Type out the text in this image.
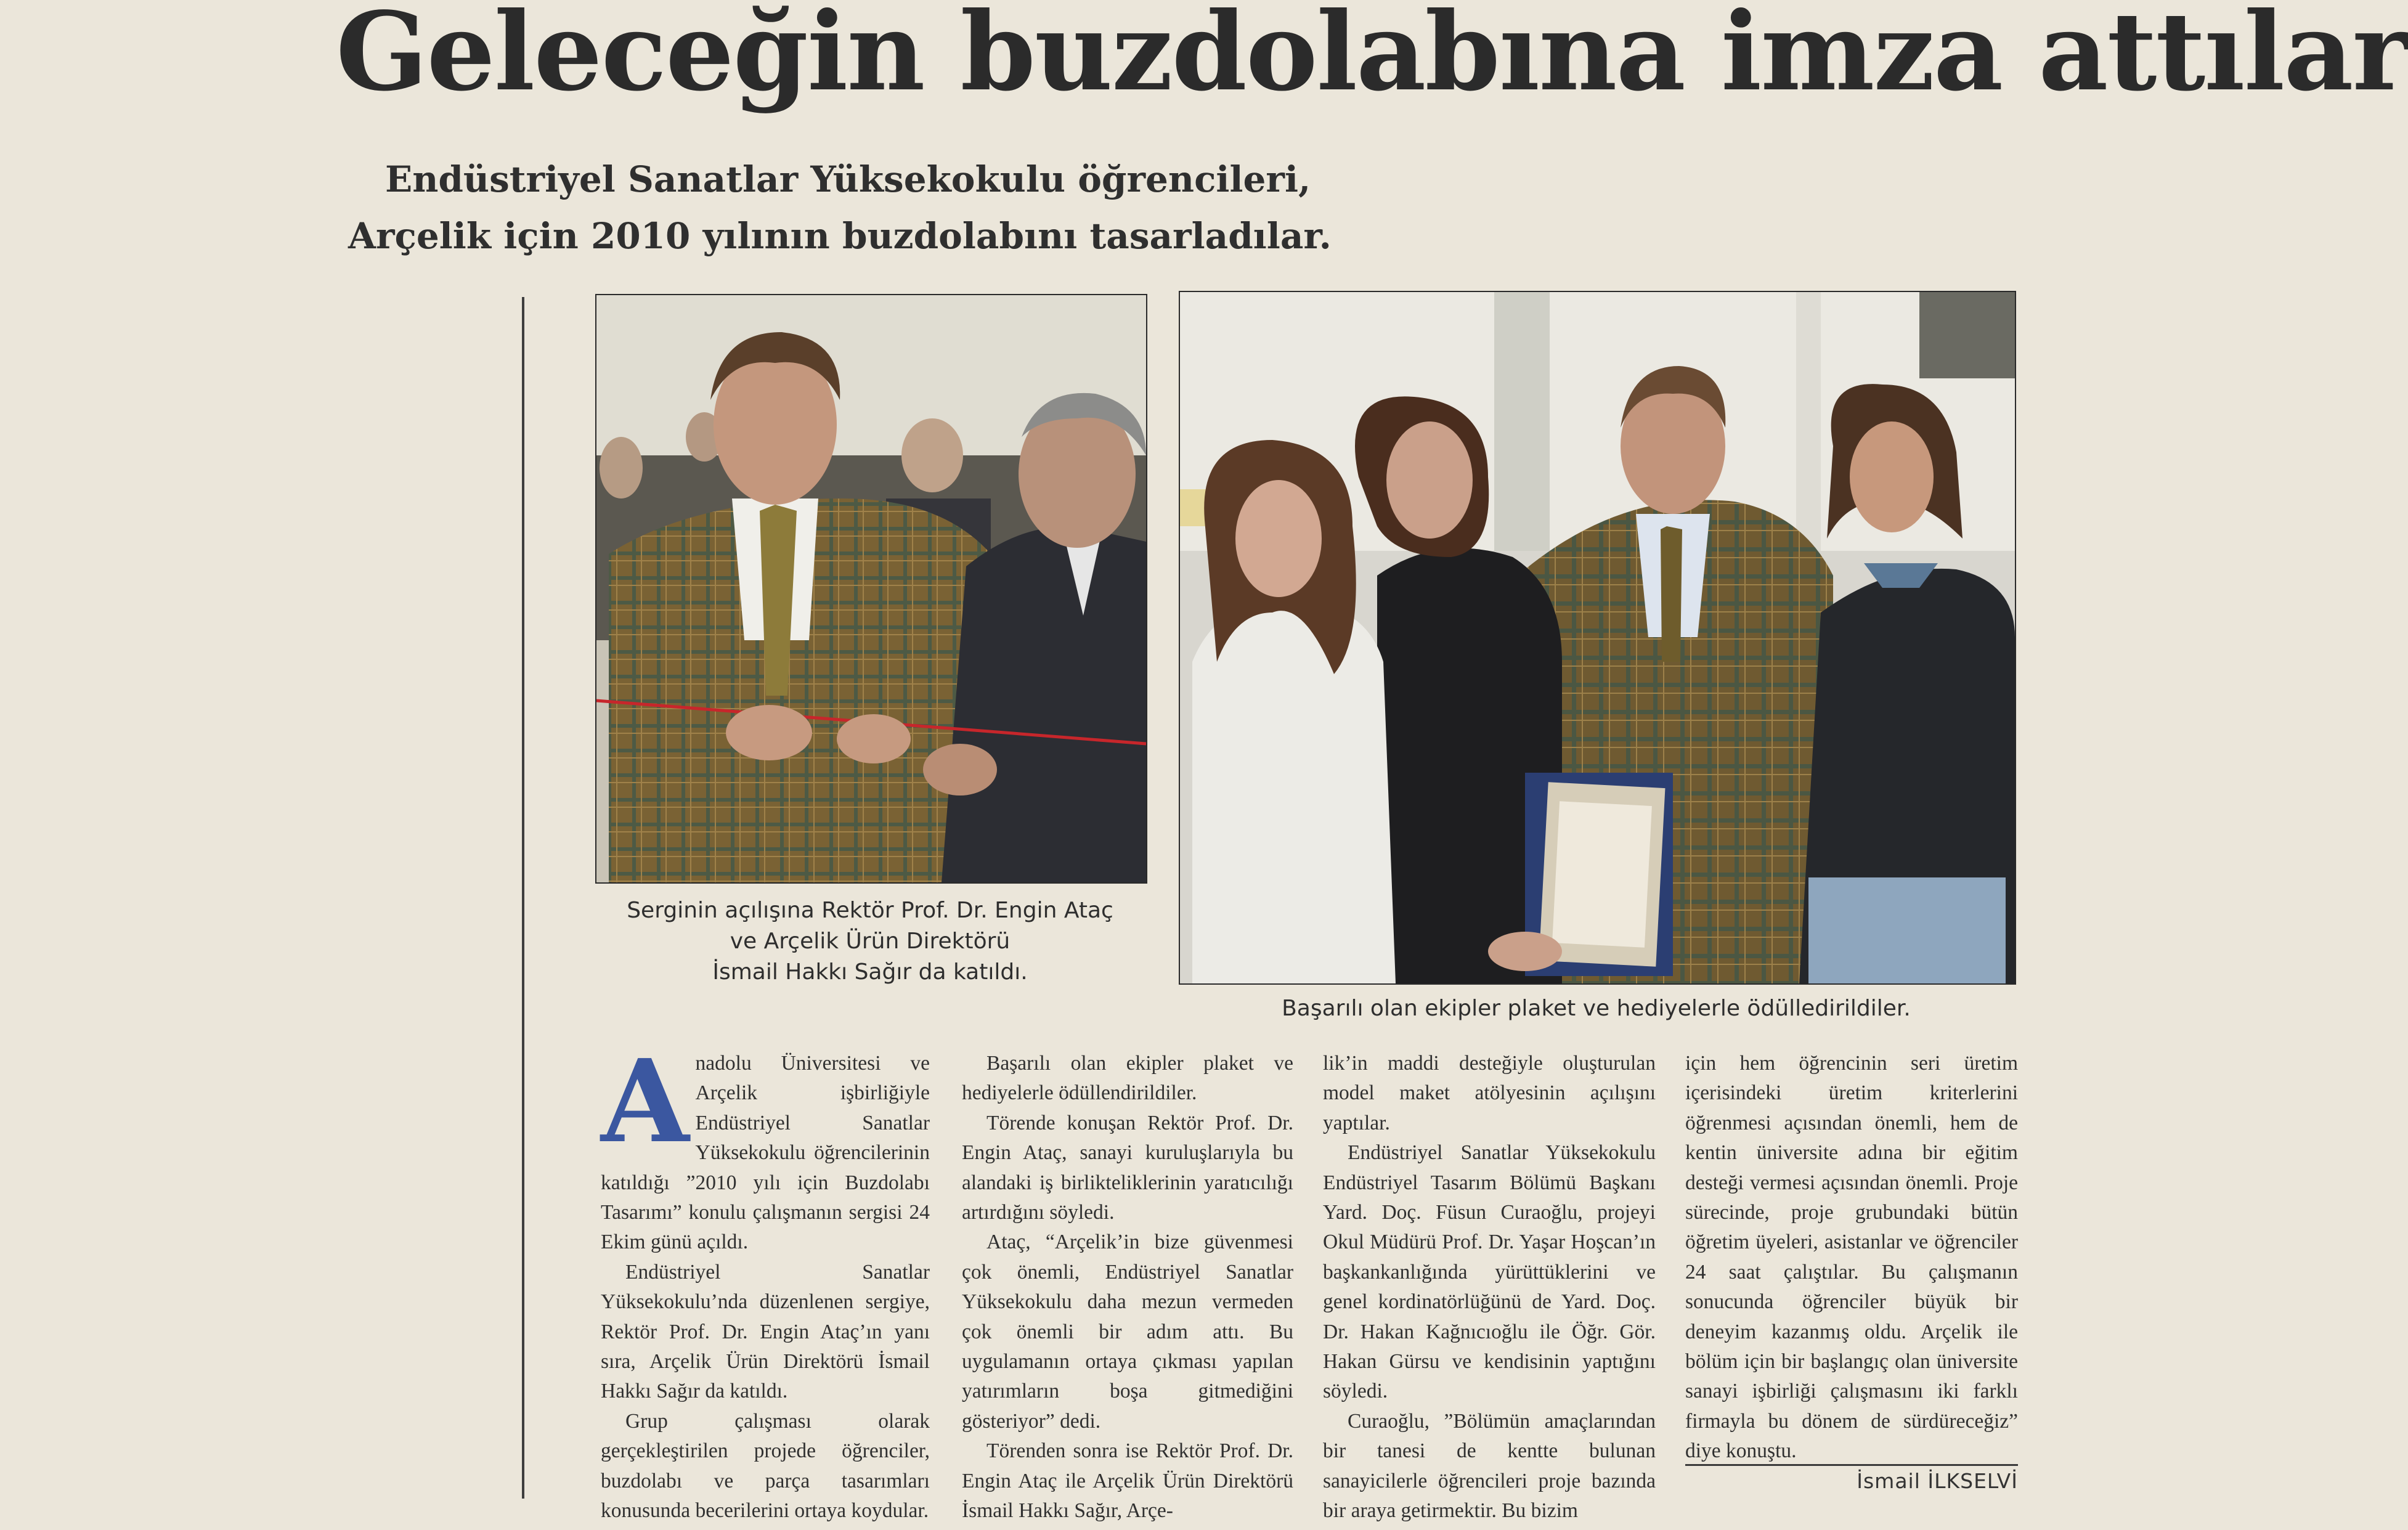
Geleceğin buzdolabına imza attılar
Endüstriyel Sanatlar Yüksekokulu öğrencileri,
Arçelik için 2010 yılının buzdolabını tasarladılar.

Serginin açılışına Rektör Prof. Dr. Engin Ataç
ve Arçelik Ürün Direktörü
İsmail Hakkı Sağır da katıldı.

Başarılı olan ekipler plaket ve hediyelerle ödülledirildiler.

Anadolu Üniversitesi ve Arçelik işbirliğiyle Endüstriyel Sanatlar Yüksekokulu öğrencilerinin katıldığı ”2010 yılı için Buzdolabı Tasarımı” konulu çalışmanın sergisi 24 Ekim günü açıldı.

Endüstriyel Sanatlar Yüksekokulu’nda düzenlenen sergiye, Rektör Prof. Dr. Engin Ataç’ın yanı sıra, Arçelik Ürün Direktörü İsmail Hakkı Sağır da katıldı.

Grup çalışması olarak gerçekleştirilen projede öğrenciler, buzdolabı ve parça tasarımları konusunda becerilerini ortaya koydular.

Başarılı olan ekipler plaket ve hediyelerle ödüllendirildiler.

Törende konuşan Rektör Prof. Dr. Engin Ataç, sanayi kuruluşlarıyla bu alandaki iş birlikteliklerinin yaratıcılığı artırdığını söyledi.

Ataç, “Arçelik’in bize güvenmesi çok önemli, Endüstriyel Sanatlar Yüksekokulu daha mezun vermeden çok önemli bir adım attı. Bu uygulamanın ortaya çıkması yapılan yatırımların boşa gitmediğini gösteriyor” dedi.

Törenden sonra ise Rektör Prof. Dr. Engin Ataç ile Arçelik Ürün Direktörü İsmail Hakkı Sağır, Arçe-

lik’in maddi desteğiyle oluşturulan model maket atölyesinin açılışını yaptılar.

Endüstriyel Sanatlar Yüksekokulu Endüstriyel Tasarım Bölümü Başkanı Yard. Doç. Füsun Curaoğlu, projeyi Okul Müdürü Prof. Dr. Yaşar Hoşcan’ın başkankanlığında yürüttüklerini ve genel kordinatörlüğünü de Yard. Doç. Dr. Hakan Kağnıcıoğlu ile Öğr. Gör. Hakan Gürsu ve kendisinin yaptığını söyledi.

Curaoğlu, ”Bölümün amaçlarından bir tanesi de kentte bulunan sanayicilerle öğrencileri proje bazında bir araya getirmektir. Bu bizim

için hem öğrencinin seri üretim içerisindeki üretim kriterlerini öğrenmesi açısından önemli, hem de kentin üniversite adına bir eğitim desteği vermesi açısından önemli. Proje sürecinde, proje grubundaki bütün öğretim üyeleri, asistanlar ve öğrenciler 24 saat çalıştılar. Bu çalışmanın sonucunda öğrenciler büyük bir deneyim kazanmış oldu. Arçelik ile bölüm için bir başlangıç olan üniversite sanayi işbirliği çalışmasını iki farklı firmayla bu dönem de sürdüreceğiz” diye konuştu.

İsmail İLKSELVİ
